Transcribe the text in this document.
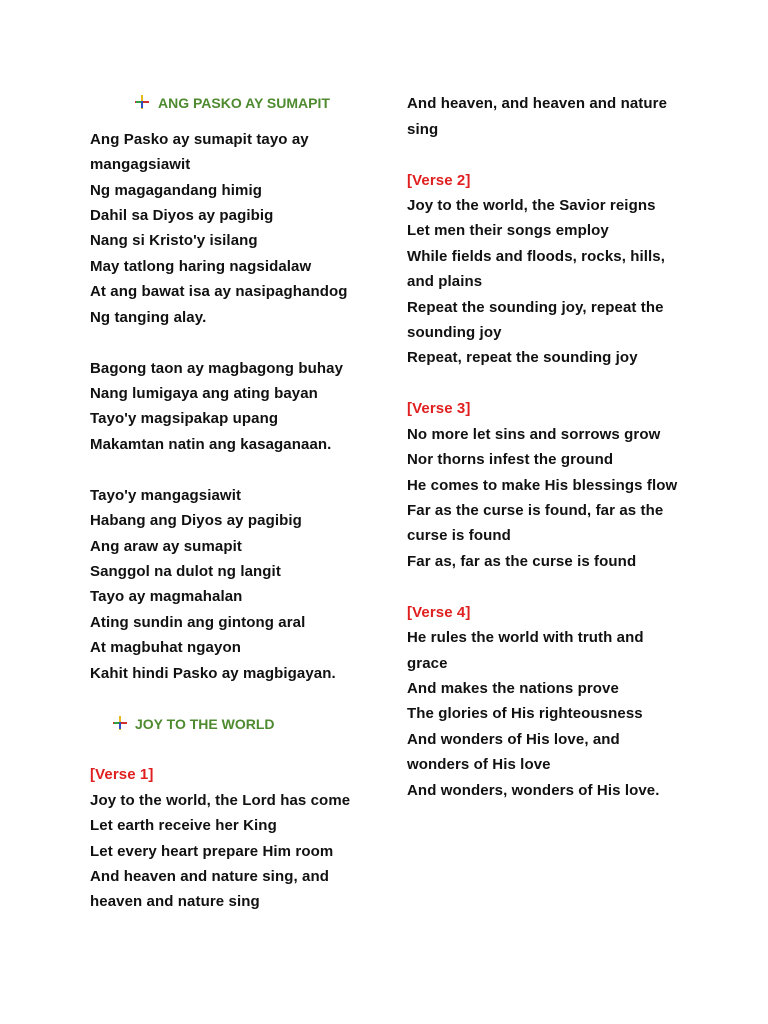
ANG PASKO AY SUMAPIT
Ang Pasko ay sumapit tayo ay
mangagsiawit
Ng magagandang himig
Dahil sa Diyos ay pagibig
Nang si Kristo'y isilang
May tatlong haring nagsidalaw
At ang bawat isa ay nasipaghandog
Ng tanging alay.
Bagong taon ay magbagong buhay
Nang lumigaya ang ating bayan
Tayo'y magsipakap upang
Makamtan natin ang kasaganaan.
Tayo'y mangagsiawit
Habang ang Diyos ay pagibig
Ang araw ay sumapit
Sanggol na dulot ng langit
Tayo ay magmahalan
Ating sundin ang gintong aral
At magbuhat ngayon
Kahit hindi Pasko ay magbigayan.
JOY TO THE WORLD
[Verse 1]
Joy to the world, the Lord has come
Let earth receive her King
Let every heart prepare Him room
And heaven and nature sing, and
heaven and nature sing
And heaven, and heaven and nature
sing
[Verse 2]
Joy to the world, the Savior reigns
Let men their songs employ
While fields and floods, rocks, hills,
and plains
Repeat the sounding joy, repeat the
sounding joy
Repeat, repeat the sounding joy
[Verse 3]
No more let sins and sorrows grow
Nor thorns infest the ground
He comes to make His blessings flow
Far as the curse is found, far as the
curse is found
Far as, far as the curse is found
[Verse 4]
He rules the world with truth and
grace
And makes the nations prove
The glories of His righteousness
And wonders of His love, and
wonders of His love
And wonders, wonders of His love.
